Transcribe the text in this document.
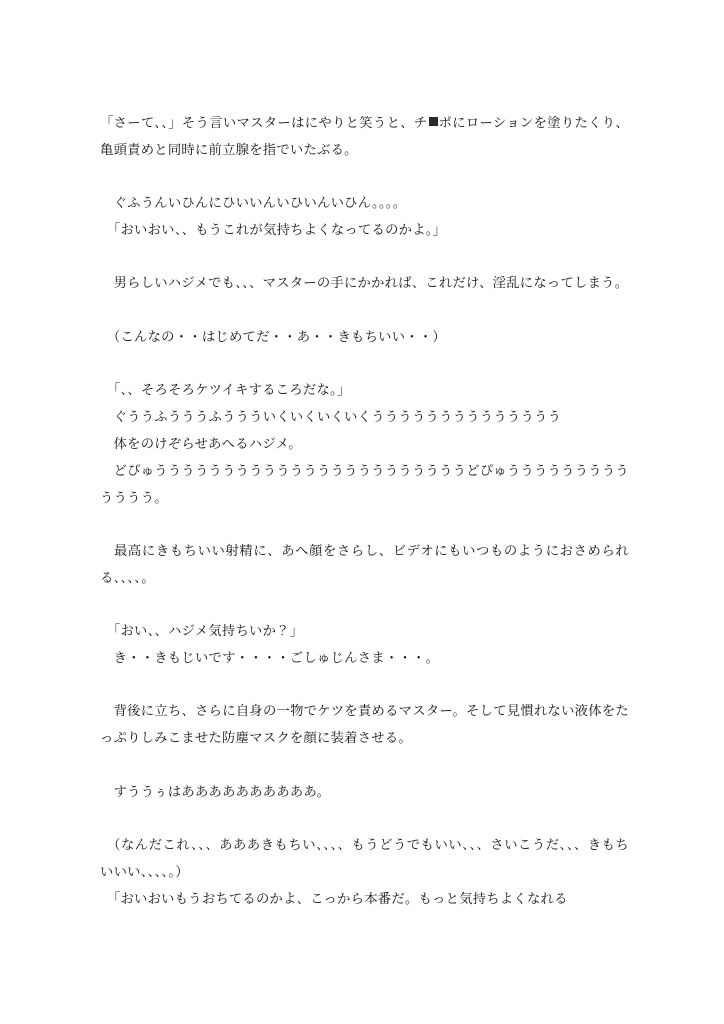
「さーて、、」そう言いマスターはにやりと笑うと、チ ポにローションを塗りたくり、亀頭責めと同時に前立腺を指でいたぶる。

　ぐふうんいひんにひいいんいひいんいひん。。。。

　「おいおい、、もうこれが気持ちよくなってるのかよ。」

　男らしいハジメでも、、、マスターの手にかかれば、これだけ、淫乱になってしまう。

　（こんなの・・はじめてだ・・あ・・きもちいい・・）

　「、、そろそろケツイキするころだな。」

　ぐううふうううふううういくいくいくいくうううううううううううううう

　体をのけぞらせあへるハジメ。

　どぴゅうううううううううううううううううううううううどぴゅううううううううううううう。

　最高にきもちいい射精に、あへ顔をさらし、ビデオにもいつものようにおさめられる、、、、。

　「おい、、ハジメ気持ちいか？」

　き・・きもじいです・・・・ごしゅじんさま・・・。

　背後に立ち、さらに自身の一物でケツを責めるマスター。そして見慣れない液体をたっぷりしみこませた防塵マスクを顔に装着させる。

　すううぅはああああああああああ。

　（なんだこれ、、、あああきもちい、、、、もうどうでもいい、、、さいこうだ、、、きもちいいい、、、、。）

　「おいおいもうおちてるのかよ、こっから本番だ。もっと気持ちよくなれる
